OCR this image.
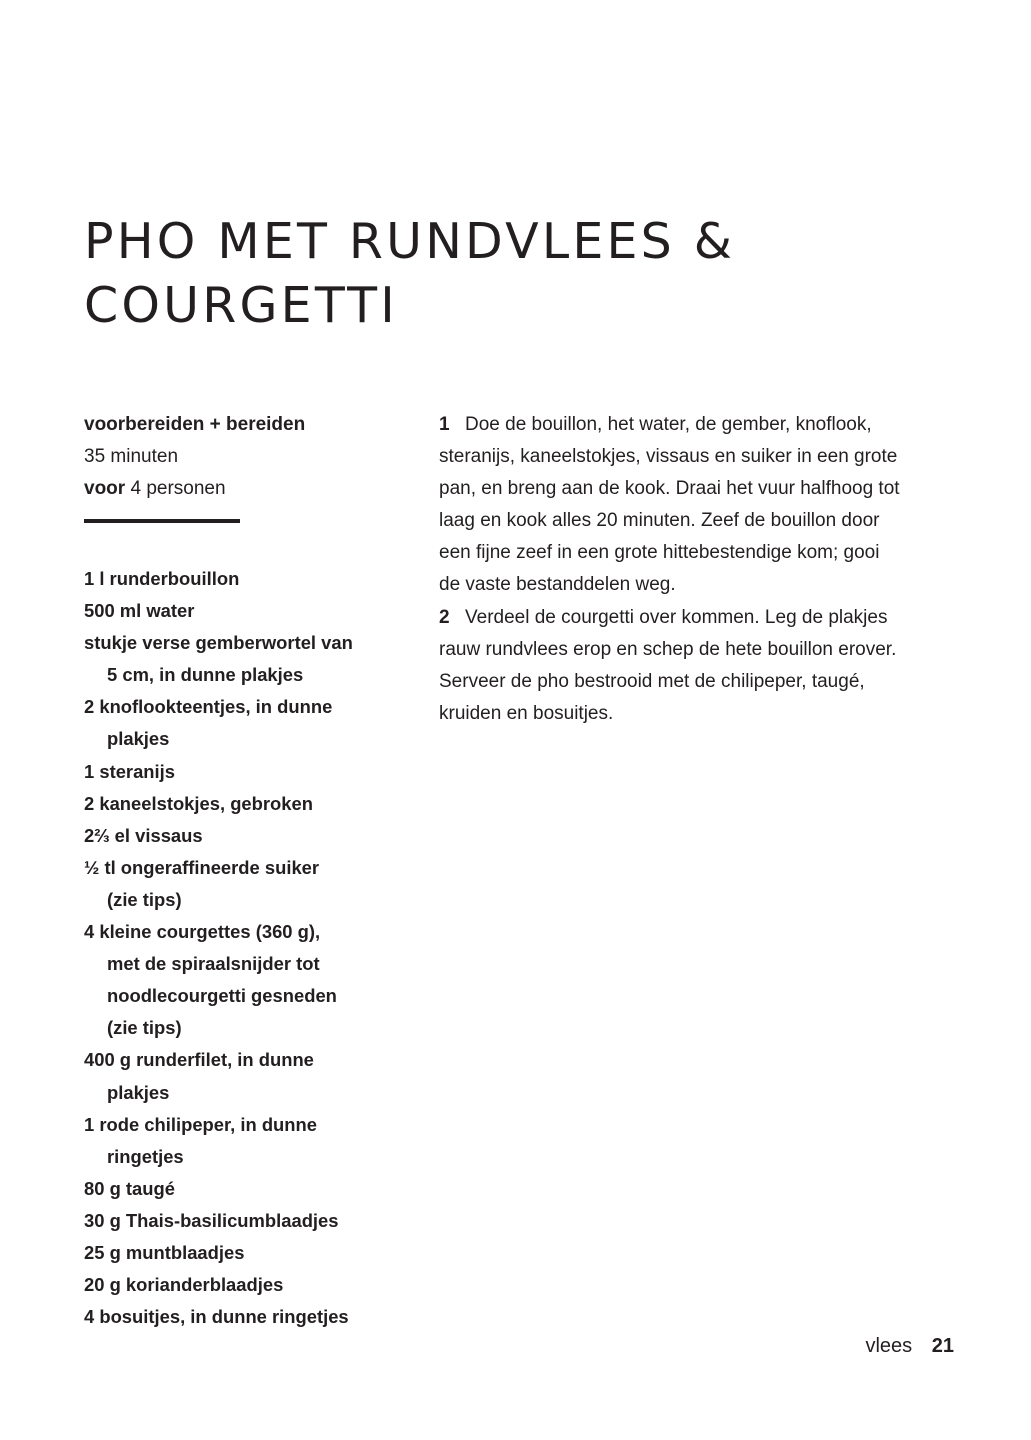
PHO MET RUNDVLEES &
COURGETTI
voorbereiden + bereiden
35 minuten
voor 4 personen
1 l runderbouillon
500 ml water
stukje verse gemberwortel van
5 cm, in dunne plakjes
2 knoflookteentjes, in dunne
plakjes
1 steranijs
2 kaneelstokjes, gebroken
2⅔ el vissaus
½ tl ongeraffineerde suiker
(zie tips)
4 kleine courgettes (360 g),
met de spiraalsnijder tot
noodlecourgetti gesneden
(zie tips)
400 g runderfilet, in dunne
plakjes
1 rode chilipeper, in dunne
ringetjes
80 g taugé
30 g Thais-basilicumblaadjes
25 g muntblaadjes
20 g korianderblaadjes
4 bosuitjes, in dunne ringetjes

1 Doe de bouillon, het water, de gember, knoflook,
steranijs, kaneelstokjes, vissaus en suiker in een grote
pan, en breng aan de kook. Draai het vuur halfhoog tot
laag en kook alles 20 minuten. Zeef de bouillon door
een fijne zeef in een grote hittebestendige kom; gooi
de vaste bestanddelen weg.

2 Verdeel de courgetti over kommen. Leg de plakjes
rauw rundvlees erop en schep de hete bouillon erover.
Serveer de pho bestrooid met de chilipeper, taugé,
kruiden en bosuitjes.

vlees 21
